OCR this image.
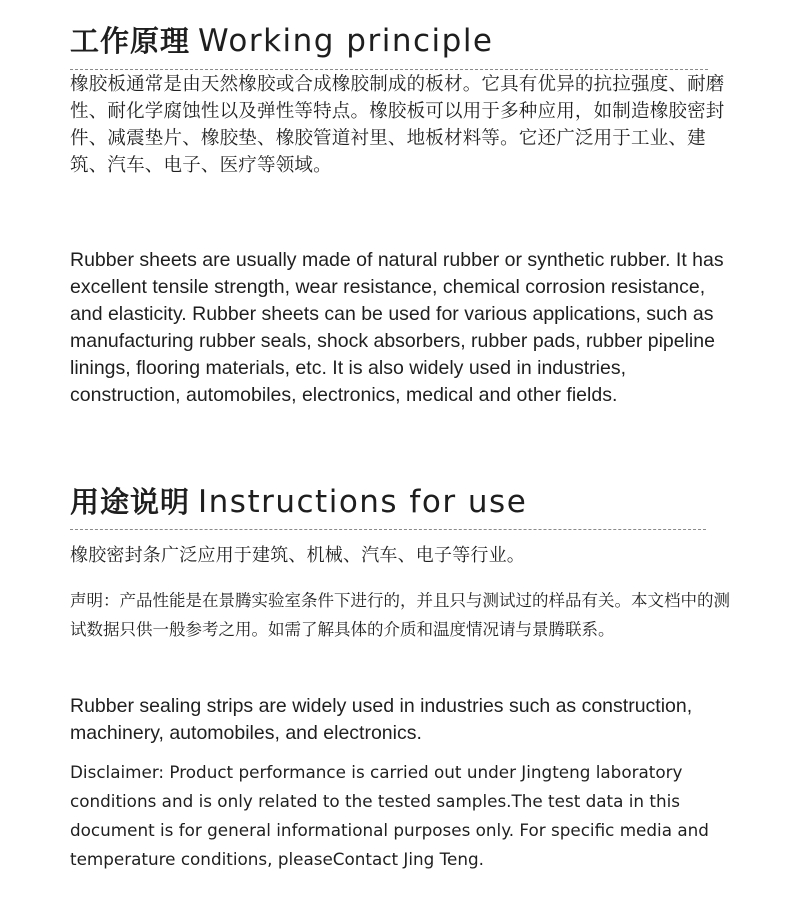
工作原理 Working principle

橡胶板通常是由天然橡胶或合成橡胶制成的板材。它具有优异的抗拉强度、耐磨性、耐化学腐蚀性以及弹性等特点。橡胶板可以用于多种应用，如制造橡胶密封件、减震垫片、橡胶垫、橡胶管道衬里、地板材料等。它还广泛用于工业、建筑、汽车、电子、医疗等领域。

Rubber sheets are usually made of natural rubber or synthetic rubber. It has excellent tensile strength, wear resistance, chemical corrosion resistance, and elasticity. Rubber sheets can be used for various applications, such as manufacturing rubber seals, shock absorbers, rubber pads, rubber pipeline linings, flooring materials, etc. It is also widely used in industries, construction, automobiles, electronics, medical and other fields.

用途说明 Instructions for use

橡胶密封条广泛应用于建筑、机械、汽车、电子等行业。

声明：产品性能是在景腾实验室条件下进行的，并且只与测试过的样品有关。本文档中的测试数据只供一般参考之用。如需了解具体的介质和温度情况请与景腾联系。

Rubber sealing strips are widely used in industries such as construction, machinery, automobiles, and electronics.

Disclaimer: Product performance is carried out under Jingteng laboratory conditions and is only related to the tested samples.The test data in this document is for general informational purposes only. For specific media and temperature conditions, pleaseContact Jing Teng.
